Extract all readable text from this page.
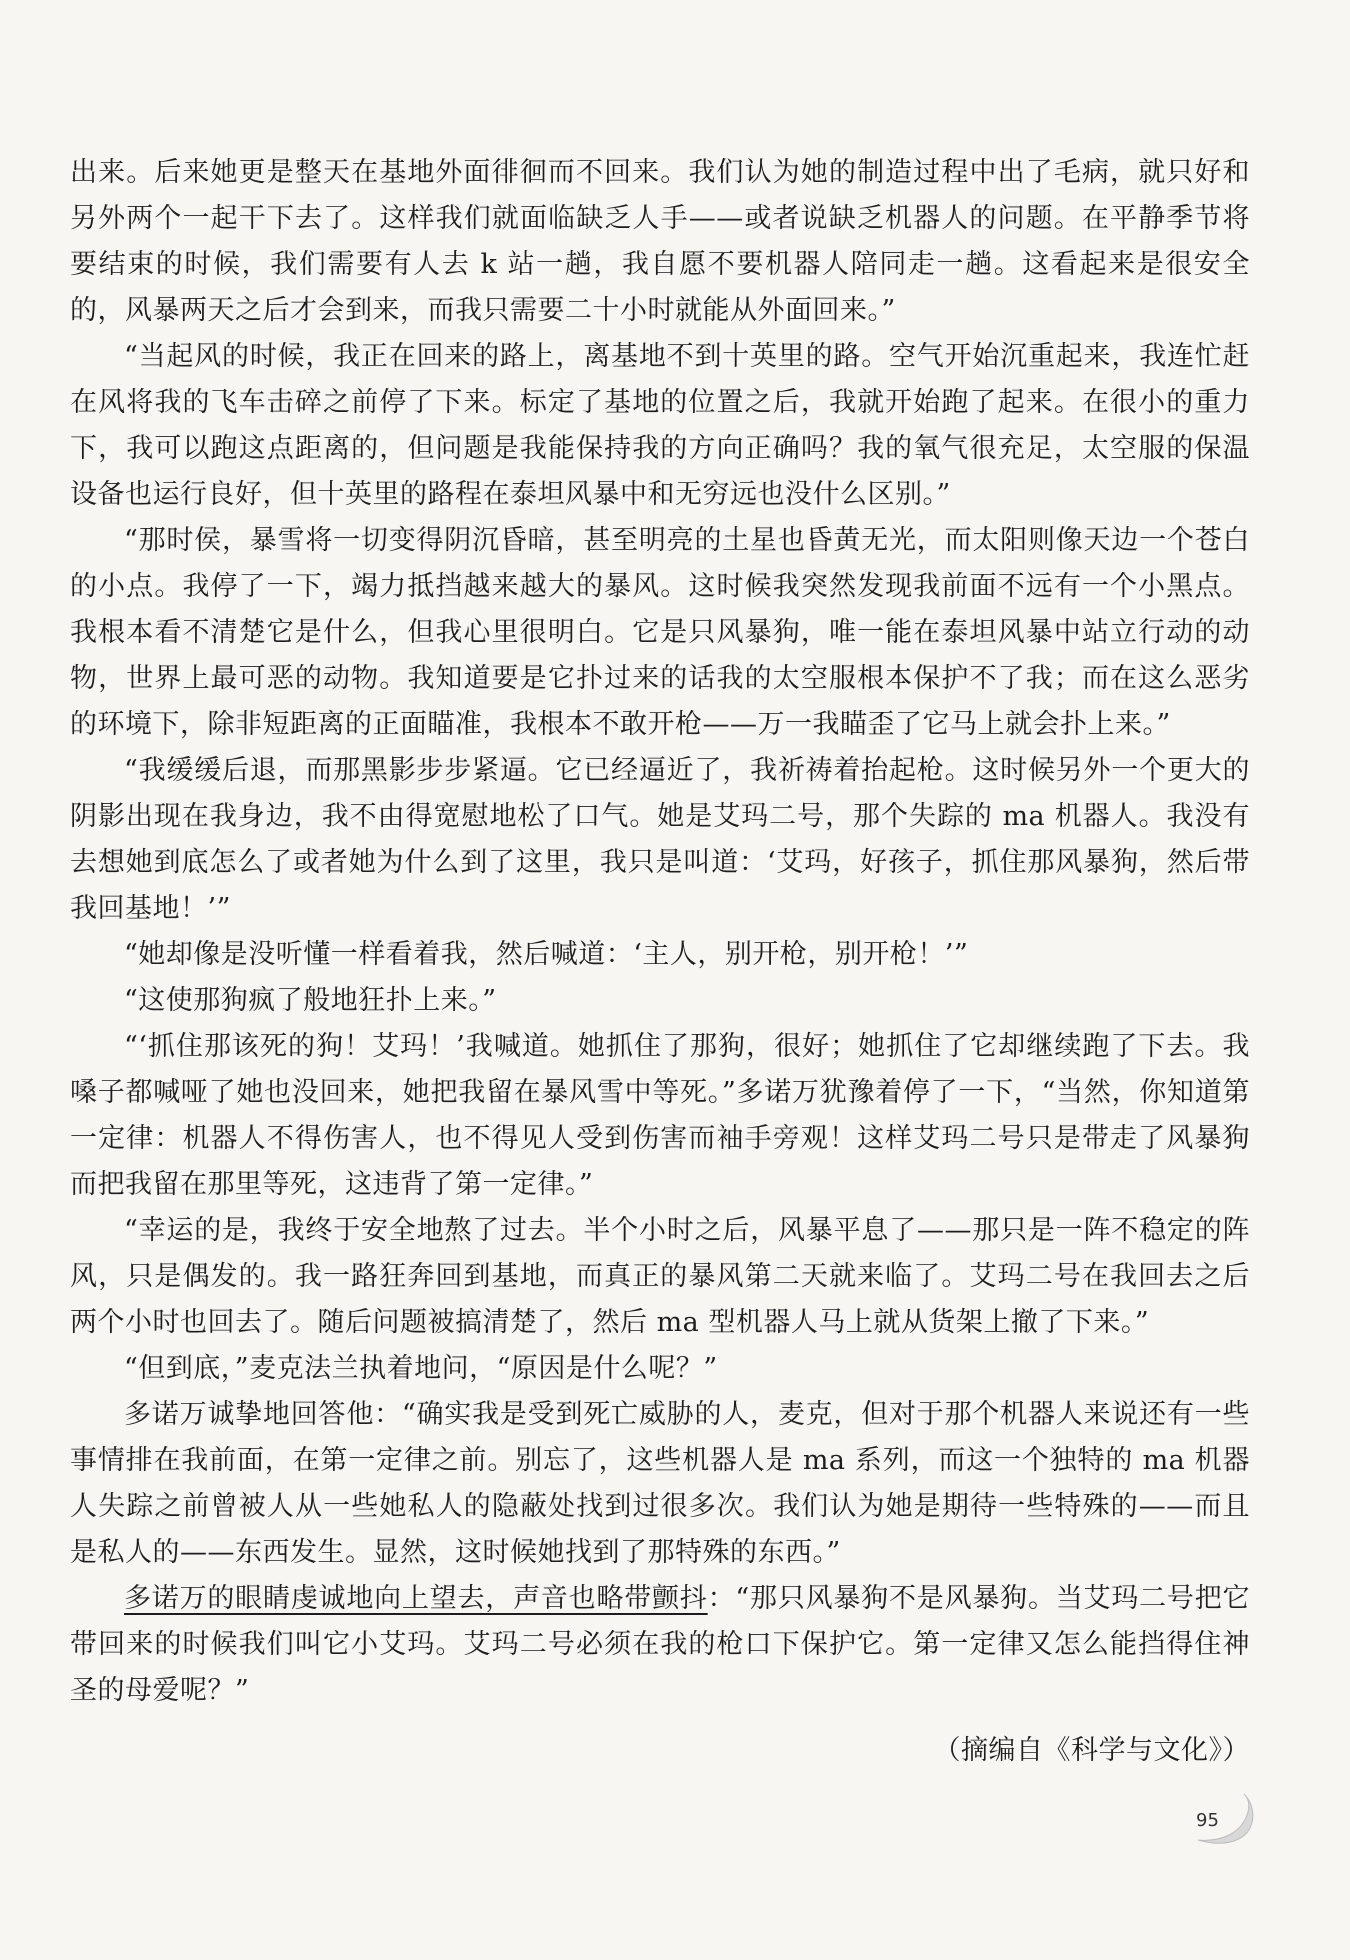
出来。后来她更是整天在基地外面徘徊而不回来。我们认为她的制造过程中出了毛病，就只好和另外两个一起干下去了。这样我们就面临缺乏人手——或者说缺乏机器人的问题。在平静季节将要结束的时候，我们需要有人去 k 站一趟，我自愿不要机器人陪同走一趟。这看起来是很安全的，风暴两天之后才会到来，而我只需要二十小时就能从外面回来。”

“当起风的时候，我正在回来的路上，离基地不到十英里的路。空气开始沉重起来，我连忙赶在风将我的飞车击碎之前停了下来。标定了基地的位置之后，我就开始跑了起来。在很小的重力下，我可以跑这点距离的，但问题是我能保持我的方向正确吗？我的氧气很充足，太空服的保温设备也运行良好，但十英里的路程在泰坦风暴中和无穷远也没什么区别。”

“那时侯，暴雪将一切变得阴沉昏暗，甚至明亮的土星也昏黄无光，而太阳则像天边一个苍白的小点。我停了一下，竭力抵挡越来越大的暴风。这时候我突然发现我前面不远有一个小黑点。我根本看不清楚它是什么，但我心里很明白。它是只风暴狗，唯一能在泰坦风暴中站立行动的动物，世界上最可恶的动物。我知道要是它扑过来的话我的太空服根本保护不了我；而在这么恶劣的环境下，除非短距离的正面瞄准，我根本不敢开枪——万一我瞄歪了它马上就会扑上来。”

“我缓缓后退，而那黑影步步紧逼。它已经逼近了，我祈祷着抬起枪。这时候另外一个更大的阴影出现在我身边，我不由得宽慰地松了口气。她是艾玛二号，那个失踪的 ma 机器人。我没有去想她到底怎么了或者她为什么到了这里，我只是叫道：‘艾玛，好孩子，抓住那风暴狗，然后带我回基地！’”

“她却像是没听懂一样看着我，然后喊道：‘主人，别开枪，别开枪！’”

“这使那狗疯了般地狂扑上来。”

“‘抓住那该死的狗！艾玛！’我喊道。她抓住了那狗，很好；她抓住了它却继续跑了下去。我嗓子都喊哑了她也没回来，她把我留在暴风雪中等死。”多诺万犹豫着停了一下，“当然，你知道第一定律：机器人不得伤害人，也不得见人受到伤害而袖手旁观！这样艾玛二号只是带走了风暴狗而把我留在那里等死，这违背了第一定律。”

“幸运的是，我终于安全地熬了过去。半个小时之后，风暴平息了——那只是一阵不稳定的阵风，只是偶发的。我一路狂奔回到基地，而真正的暴风第二天就来临了。艾玛二号在我回去之后两个小时也回去了。随后问题被搞清楚了，然后 ma 型机器人马上就从货架上撤了下来。”

“但到底，”麦克法兰执着地问，“原因是什么呢？”

多诺万诚挚地回答他：“确实我是受到死亡威胁的人，麦克，但对于那个机器人来说还有一些事情排在我前面，在第一定律之前。别忘了，这些机器人是 ma 系列，而这一个独特的 ma 机器人失踪之前曾被人从一些她私人的隐蔽处找到过很多次。我们认为她是期待一些特殊的——而且是私人的——东西发生。显然，这时候她找到了那特殊的东西。”

多诺万的眼睛虔诚地向上望去，声音也略带颤抖：“那只风暴狗不是风暴狗。当艾玛二号把它带回来的时候我们叫它小艾玛。艾玛二号必须在我的枪口下保护它。第一定律又怎么能挡得住神圣的母爱呢？”

（摘编自《科学与文化》）

95
